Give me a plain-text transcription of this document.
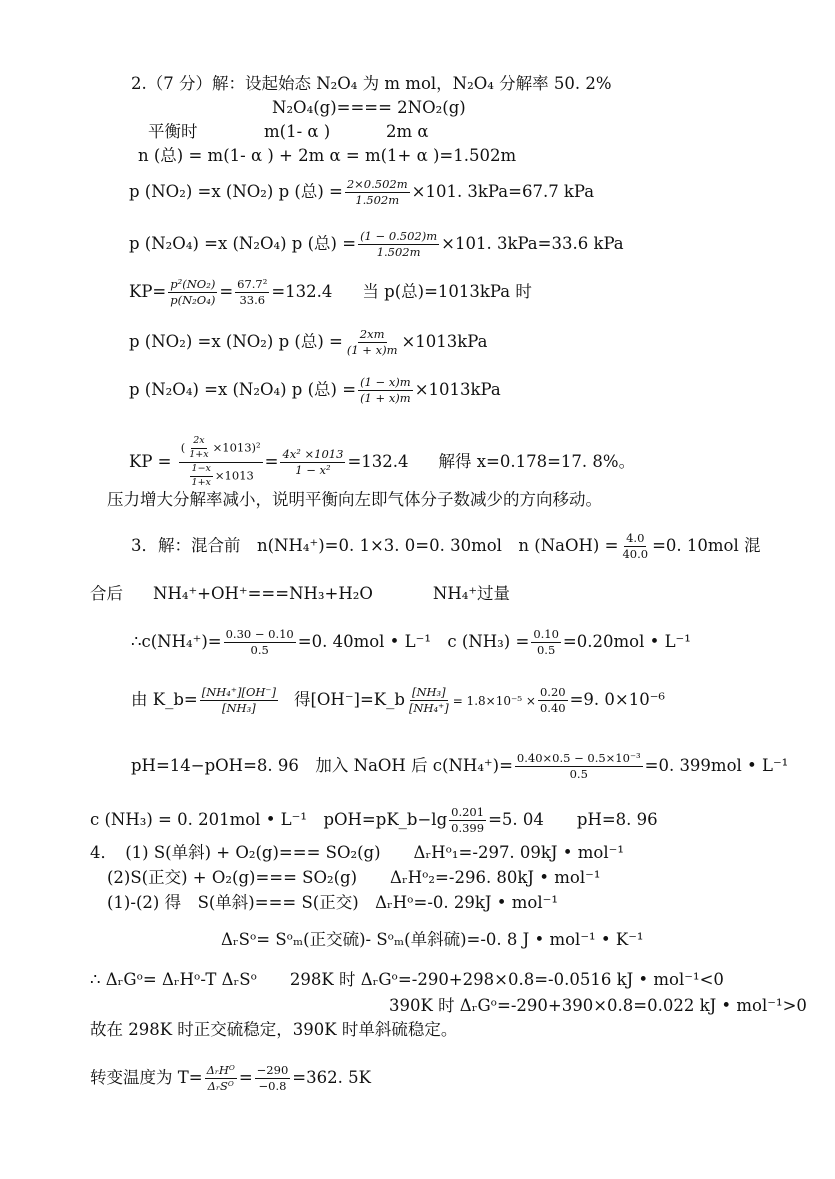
2.（7 分）解：设起始态 N₂O₄ 为 m mol，N₂O₄ 分解率 50. 2%
N₂O₄(g)==== 2NO₂(g)
平衡时	m(1- α )	2m α
n (总) = m(1- α ) + 2m α = m(1+ α )=1.502m
p (NO₂) =x (NO₂) p (总) = $\frac{2\times 0.502m}{1.502m} \times 101$. 3kPa=67.7 kPa
p (N₂O₄) =x (N₂O₄) p (总) = $\frac{(1 - 0.502)m}{1.502m} \times 101$. 3kPa=33.6 kPa
$KP= \frac{\text{p²(NO₂)}}{\text{p(N₂O₄)}} = \frac{\text{67.7²}}{33.6} =132.4$ 当 p(总)=1013kPa 时
p (NO₂) =x (NO₂) p (总) = $\frac{2xm}{(1 + x)m} \times 1013kPa$
p (N₂O₄) =x (N₂O₄) p (总) = $\frac{(1 - x)m}{(1 + x)m} \times 1013kPa$
KP = $\frac{( \frac{2x}{1+x} \times 1013)^2}{\frac{1-x}{1+x} \times 1013} = \frac{\text{4x² ×1013}}{\text{1 − x²}} =132.4$ 解得 x=0.178=17. 8%。
压力增大分解率减小，说明平衡向左即气体分子数减少的方向移动。
3．解：混合前　n(NH₄⁺)=0. 1×3. 0=0. 30mol　n (NaOH) = $\frac{4.0}{40.0} =0$. 10mol 混
合后 NH₄⁺+OH⁺===NH₃+H₂O	NH₄⁺过量
∴c(NH₄⁺)= $\frac{0.30 - 0.10}{0.5} =0$. 40mol • L⁻¹　c $(NH_3) = \frac{0.10}{0.5} =0.20mol$ • L⁻¹
由 K_b= $\frac{\text{[NH₄⁺][OH⁻]}}{\text{[NH₃]}}$ 得[OH⁻]=K_b $\frac{\text{[NH₃]}}{\text{[NH₄⁺]}} = 1.8\times 10^{-5} \times \frac{0.20}{0.40} =9$. 0×10⁻⁶
pH=14−pOH=8. 96　加入 NaOH 后 $c(NH_4^+)= \frac{\text{0.40×0.5 − 0.5×10⁻³}}{0.5} =0$. 399mol • L⁻¹
c (NH₃) = 0. 201mol • L⁻¹　pOH=pK_b−lg $\frac{0.201}{0.399} =5$. 04　　pH=8. 96
4．　(1) S(单斜) + O₂(g)=== SO₂(g)　　ΔᵣHᵒ₁=-297. 09kJ • mol⁻¹
(2)S(正交) + O₂(g)=== SO₂(g)　　ΔᵣHᵒ₂=-296. 80kJ • mol⁻¹
(1)-(2) 得　S(单斜)=== S(正交)　ΔᵣHᵒ=-0. 29kJ • mol⁻¹
ΔᵣSᵒ= Sᵒₘ(正交硫)- Sᵒₘ(单斜硫)=-0. 8 J • mol⁻¹ • K⁻¹
∴ ΔᵣGᵒ= ΔᵣHᵒ-T ΔᵣSᵒ　　298K 时 ΔᵣGᵒ=-290+298×0.8=-0.0516 kJ • mol⁻¹<0
390K 时 ΔᵣGᵒ=-290+390×0.8=0.022 kJ • mol⁻¹>0
故在 298K 时正交硫稳定，390K 时单斜硫稳定。
转变温度为 $T= \frac{\text{ΔᵣHᴼ}}{\text{ΔᵣSᴼ}} = \frac{-290}{-0.8} =362$. 5K
